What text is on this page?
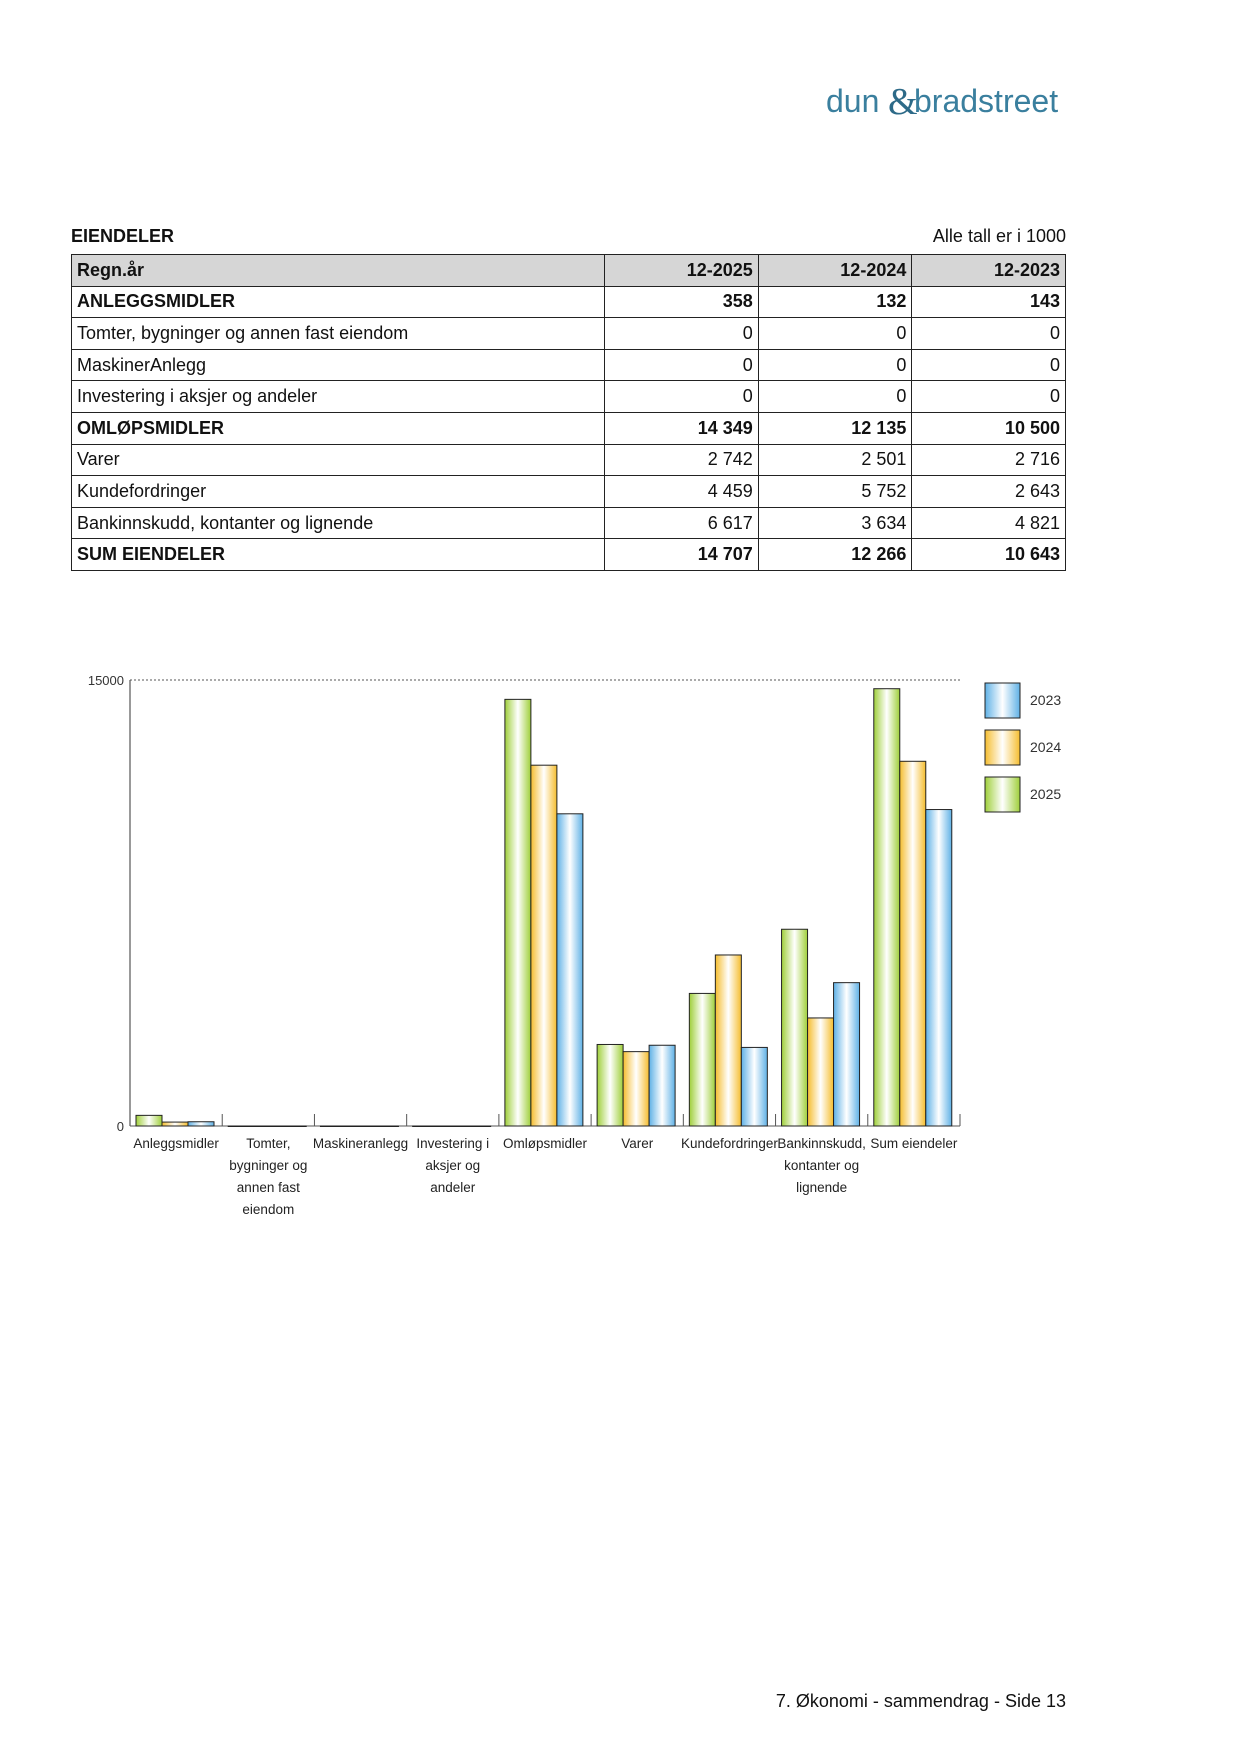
dun &
bradstreet
EIENDELER	Alle tall er i 1000
Regn.år	12-2025	12-2024	12-2023
ANLEGGSMIDLER	358	132	143
Tomter, bygninger og annen fast eiendom	0	0	0
MaskinerAnlegg	0	0	0
Investering i aksjer og andeler	0	0	0
OMLØPSMIDLER	14 349	12 135	10 500
Varer	2 742	2 501	2 716
Kundefordringer	4 459	5 752	2 643
Bankinnskudd, kontanter og lignende	6 617	3 634	4 821
SUM EIENDELER	14 707	12 266	10 643
0
15000
Anleggsmidler Tomter,
bygninger og
annen fast
eiendom
Maskineranlegg Investering i
aksjer og
andeler
Omløpsmidler	Varer Kundefordringer Bankinnskudd,
kontanter og
lignende
Sum eiendeler
2023
2024
2025
7. Økonomi - sammendrag - Side 13
